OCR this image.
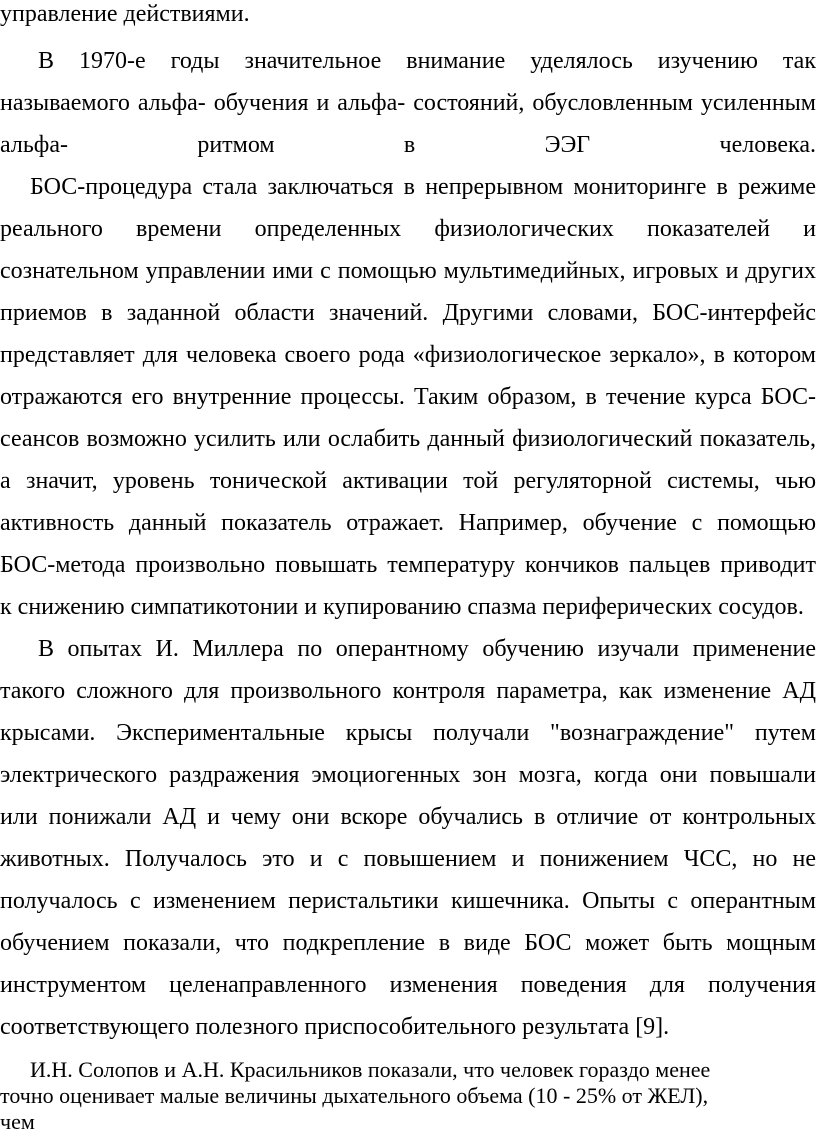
управление действиями.
В 1970-е годы значительное внимание уделялось изучению так
называемого альфа- обучения и альфа- состояний, обусловленным усиленным
альфа- ритмом в ЭЭГ человека.
БОС-процедура стала заключаться в непрерывном мониторинге в режиме
реального времени определенных физиологических показателей и
сознательном управлении ими с помощью мультимедийных, игровых и других
приемов в заданной области значений. Другими словами, БОС-интерфейс
представляет для человека своего рода «физиологическое зеркало», в котором
отражаются его внутренние процессы. Таким образом, в течение курса БОС-
сеансов возможно усилить или ослабить данный физиологический показатель,
а значит, уровень тонической активации той регуляторной системы, чью
активность данный показатель отражает. Например, обучение с помощью
БОС-метода произвольно повышать температуру кончиков пальцев приводит
к снижению симпатикотонии и купированию спазма периферических сосудов.
В опытах И. Миллера по оперантному обучению изучали применение
такого сложного для произвольного контроля параметра, как изменение АД
крысами. Экспериментальные крысы получали "вознаграждение" путем
электрического раздражения эмоциогенных зон мозга, когда они повышали
или понижали АД и чему они вскоре обучались в отличие от контрольных
животных. Получалось это и с повышением и понижением ЧСС, но не
получалось с изменением перистальтики кишечника. Опыты с оперантным
обучением показали, что подкрепление в виде БОС может быть мощным
инструментом целенаправленного изменения поведения для получения
соответствующего полезного приспособительного результата [9].
И.Н. Солопов и А.Н. Красильников показали, что человек гораздо менее
точно оценивает малые величины дыхательного объема (10 - 25% от ЖЕЛ),
чем
